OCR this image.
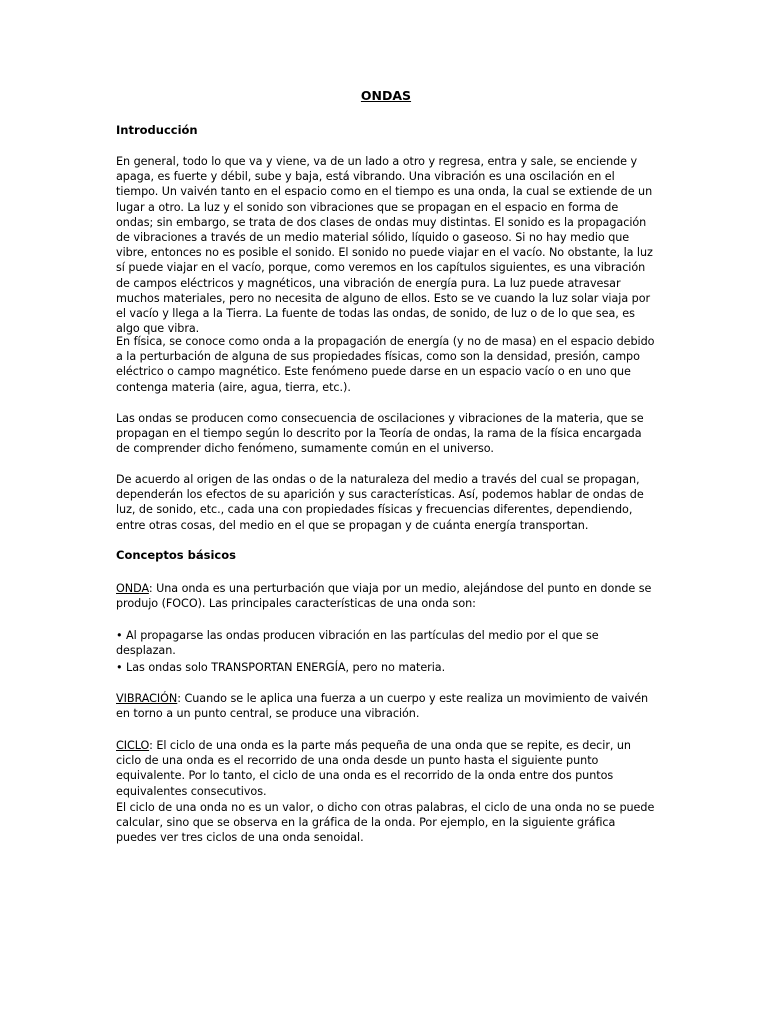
ONDAS
Introducción

En general, todo lo que va y viene, va de un lado a otro y regresa, entra y sale, se enciende y apaga, es fuerte y débil, sube y baja, está vibrando. Una vibración es una oscilación en el tiempo. Un vaivén tanto en el espacio como en el tiempo es una onda, la cual se extiende de un lugar a otro. La luz y el sonido son vibraciones que se propagan en el espacio en forma de ondas; sin embargo, se trata de dos clases de ondas muy distintas. El sonido es la propagación de vibraciones a través de un medio material sólido, líquido o gaseoso. Si no hay medio que vibre, entonces no es posible el sonido. El sonido no puede viajar en el vacío. No obstante, la luz sí puede viajar en el vacío, porque, como veremos en los capítulos siguientes, es una vibración de campos eléctricos y magnéticos, una vibración de energía pura. La luz puede atravesar muchos materiales, pero no necesita de alguno de ellos. Esto se ve cuando la luz solar viaja por el vacío y llega a la Tierra. La fuente de todas las ondas, de sonido, de luz o de lo que sea, es algo que vibra.

En física, se conoce como onda a la propagación de energía (y no de masa) en el espacio debido a la perturbación de alguna de sus propiedades físicas, como son la densidad, presión, campo eléctrico o campo magnético. Este fenómeno puede darse en un espacio vacío o en uno que contenga materia (aire, agua, tierra, etc.).

Las ondas se producen como consecuencia de oscilaciones y vibraciones de la materia, que se propagan en el tiempo según lo descrito por la Teoría de ondas, la rama de la física encargada de comprender dicho fenómeno, sumamente común en el universo.

De acuerdo al origen de las ondas o de la naturaleza del medio a través del cual se propagan, dependerán los efectos de su aparición y sus características. Así, podemos hablar de ondas de luz, de sonido, etc., cada una con propiedades físicas y frecuencias diferentes, dependiendo, entre otras cosas, del medio en el que se propagan y de cuánta energía transportan.

Conceptos básicos

ONDA: Una onda es una perturbación que viaja por un medio, alejándose del punto en donde se produjo (FOCO). Las principales características de una onda son:

• Al propagarse las ondas producen vibración en las partículas del medio por el que se desplazan.

• Las ondas solo TRANSPORTAN ENERGÍA, pero no materia.

VIBRACIÓN: Cuando se le aplica una fuerza a un cuerpo y este realiza un movimiento de vaivén en torno a un punto central, se produce una vibración.

CICLO: El ciclo de una onda es la parte más pequeña de una onda que se repite, es decir, un ciclo de una onda es el recorrido de una onda desde un punto hasta el siguiente punto equivalente. Por lo tanto, el ciclo de una onda es el recorrido de la onda entre dos puntos equivalentes consecutivos.

El ciclo de una onda no es un valor, o dicho con otras palabras, el ciclo de una onda no se puede calcular, sino que se observa en la gráfica de la onda. Por ejemplo, en la siguiente gráfica puedes ver tres ciclos de una onda senoidal.
